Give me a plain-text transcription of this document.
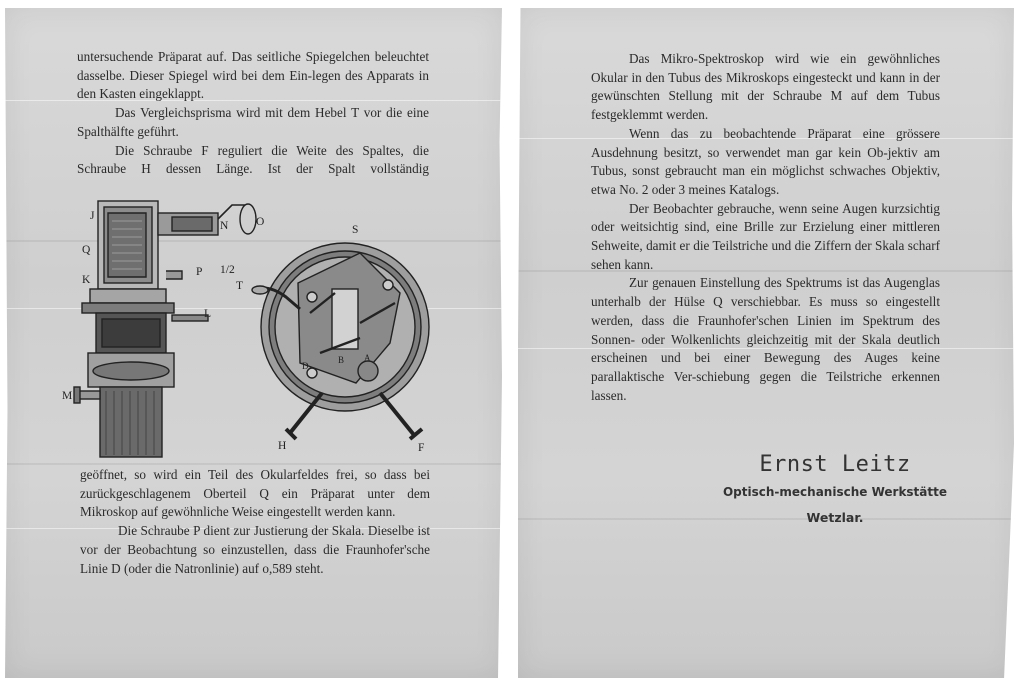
untersuchende Präparat auf. Das seitliche Spiegelchen beleuchtet dasselbe. Dieser Spiegel wird bei dem Ein-legen des Apparats in den Kasten eingeklappt.

Das Vergleichsprisma wird mit dem Hebel T vor die eine Spalthälfte geführt.

Die Schraube F reguliert die Weite des Spaltes, die Schraube H dessen Länge. Ist der Spalt vollständig

J
Q
K
M
N O
P 1/2
T
L
S
H	F
B
D
A

geöffnet, so wird ein Teil des Okularfeldes frei, so dass bei zurückgeschlagenem Oberteil Q ein Präparat unter dem Mikroskop auf gewöhnliche Weise eingestellt werden kann.

Die Schraube P dient zur Justierung der Skala. Dieselbe ist vor der Beobachtung so einzustellen, dass die Fraunhofer'sche Linie D (oder die Natronlinie) auf o,589 steht.

Das Mikro-Spektroskop wird wie ein gewöhnliches Okular in den Tubus des Mikroskops eingesteckt und kann in der gewünschten Stellung mit der Schraube M auf dem Tubus festgeklemmt werden.

Wenn das zu beobachtende Präparat eine grössere Ausdehnung besitzt, so verwendet man gar kein Ob-jektiv am Tubus, sonst gebraucht man ein möglichst schwaches Objektiv, etwa No. 2 oder 3 meines Katalogs.

Der Beobachter gebrauche, wenn seine Augen kurzsichtig oder weitsichtig sind, eine Brille zur Erzielung einer mittleren Sehweite, damit er die Teilstriche und die Ziffern der Skala scharf sehen kann.

Zur genauen Einstellung des Spektrums ist das Augenglas unterhalb der Hülse Q verschiebbar. Es muss so eingestellt werden, dass die Fraunhofer'schen Linien im Spektrum des Sonnen- oder Wolkenlichts gleichzeitig mit der Skala deutlich erscheinen und bei einer Bewegung des Auges keine parallaktische Ver-schiebung gegen die Teilstriche erkennen lassen.

Ernst Leitz
Optisch-mechanische Werkstätte
Wetzlar.
